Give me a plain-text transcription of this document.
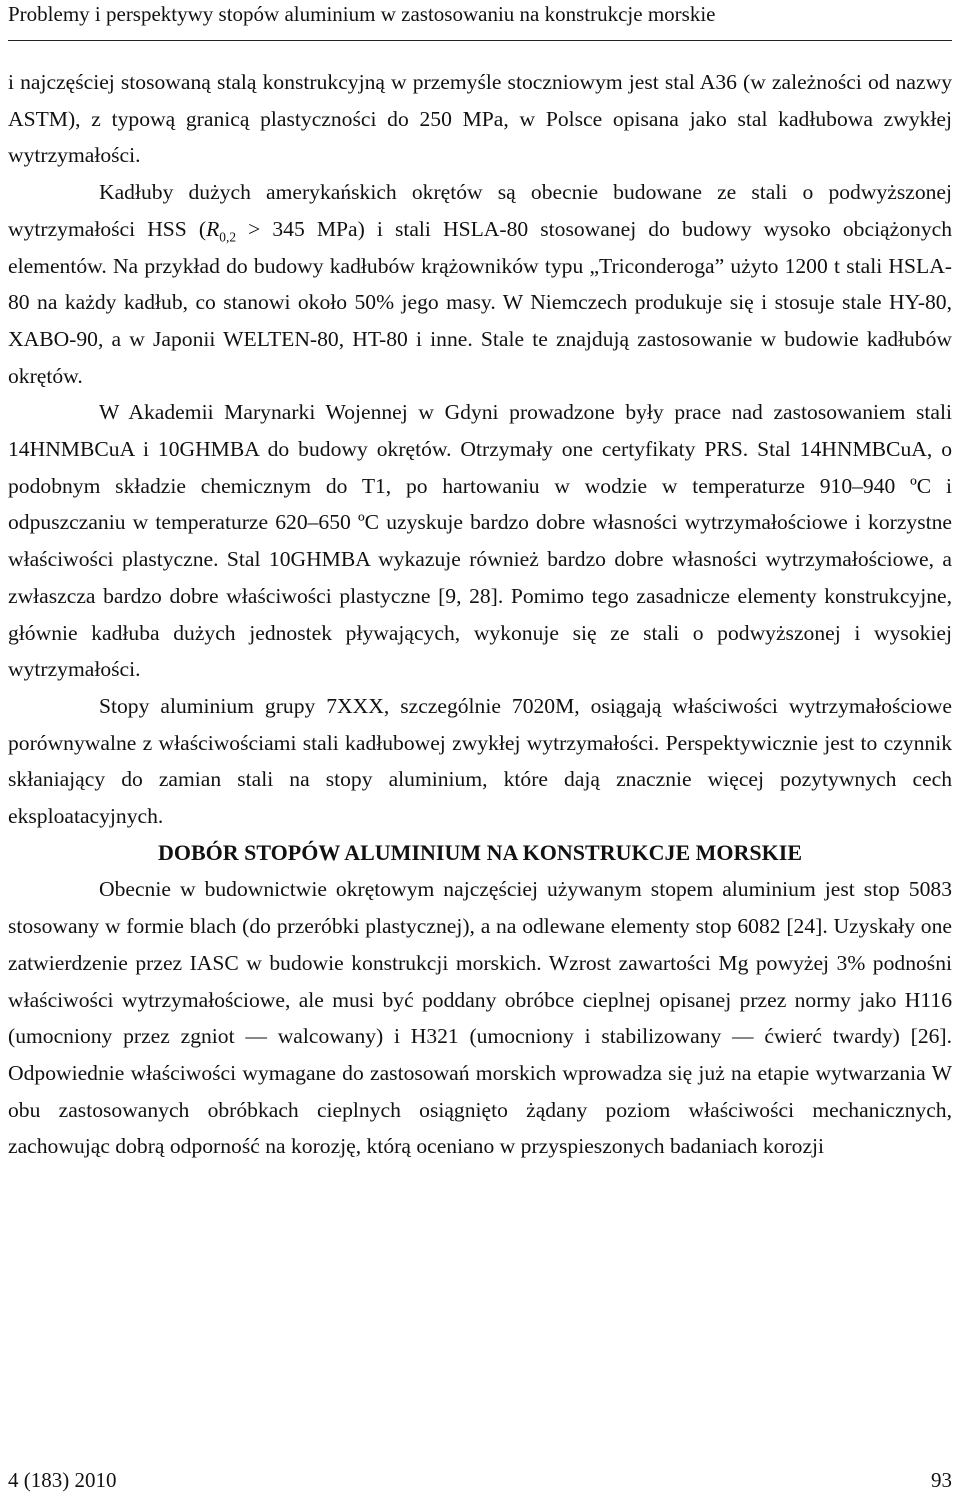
Problemy i perspektywy stopów aluminium w zastosowaniu na konstrukcje morskie

i najczęściej stosowaną stalą konstrukcyjną w przemyśle stoczniowym jest stal A36 (w zależności od nazwy ASTM), z typową granicą plastyczności do 250 MPa, w Polsce opisana jako stal kadłubowa zwykłej wytrzymałości.

Kadłuby dużych amerykańskich okrętów są obecnie budowane ze stali o podwyższonej wytrzymałości HSS ($R_{0,2} > 345$ MPa) i stali HSLA-80 stosowanej do budowy wysoko obciążonych elementów. Na przykład do budowy kadłubów krążowników typu „Triconderoga” użyto 1200 t stali HSLA-80 na każdy kadłub, co stanowi około 50% jego masy. W Niemczech produkuje się i stosuje stale HY-80, XABO-90, a w Japonii WELTEN-80, HT-80 i inne. Stale te znajdują zastosowanie w budowie kadłubów okrętów.

W Akademii Marynarki Wojennej w Gdyni prowadzone były prace nad zastosowaniem stali 14HNMBCuA i 10GHMBA do budowy okrętów. Otrzymały one certyfikaty PRS. Stal 14HNMBCuA, o podobnym składzie chemicznym do T1, po hartowaniu w wodzie w temperaturze 910–940 ºC i odpuszczaniu w temperaturze 620–650 ºC uzyskuje bardzo dobre własności wytrzymałościowe i korzystne właściwości plastyczne. Stal 10GHMBA wykazuje również bardzo dobre własności wytrzymałościowe, a zwłaszcza bardzo dobre właściwości plastyczne [9, 28]. Pomimo tego zasadnicze elementy konstrukcyjne, głównie kadłuba dużych jednostek pływających, wykonuje się ze stali o podwyższonej i wysokiej wytrzymałości.

Stopy aluminium grupy 7XXX, szczególnie 7020M, osiągają właściwości wytrzymałościowe porównywalne z właściwościami stali kadłubowej zwykłej wytrzymałości. Perspektywicznie jest to czynnik skłaniający do zamian stali na stopy aluminium, które dają znacznie więcej pozytywnych cech eksploatacyjnych.

DOBÓR STOPÓW ALUMINIUM NA KONSTRUKCJE MORSKIE

Obecnie w budownictwie okrętowym najczęściej używanym stopem aluminium jest stop 5083 stosowany w formie blach (do przeróbki plastycznej), a na odlewane elementy stop 6082 [24]. Uzyskały one zatwierdzenie przez IASC w budowie konstrukcji morskich. Wzrost zawartości Mg powyżej 3% podnośni właściwości wytrzymałościowe, ale musi być poddany obróbce cieplnej opisanej przez normy jako H116 (umocniony przez zgniot — walcowany) i H321 (umocniony i stabilizowany — ćwierć twardy) [26]. Odpowiednie właściwości wymagane do zastosowań morskich wprowadza się już na etapie wytwarzania W obu zastosowanych obróbkach cieplnych osiągnięto żądany poziom właściwości mechanicznych, zachowując dobrą odporność na korozję, którą oceniano w przyspieszonych badaniach korozji

4 (183) 2010	93
